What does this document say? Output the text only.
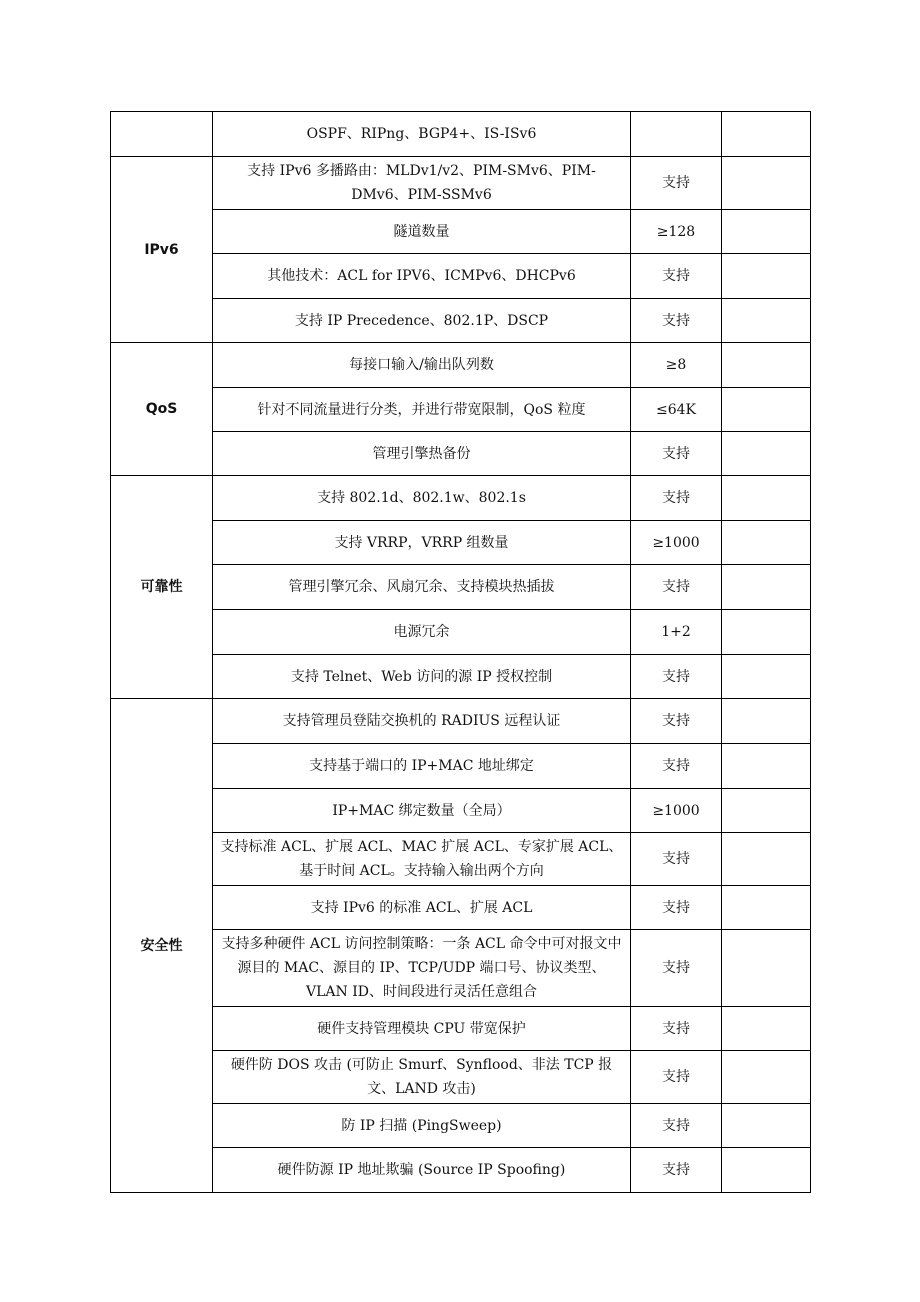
	OSPF、RIPng、BGP4+、IS-ISv6		
IPv6	支持 IPv6 多播路由：MLDv1/v2、PIM-SMv6、PIM-DMv6、PIM-SSMv6	支持	
	隧道数量	≥128	
	其他技术：ACL for IPV6、ICMPv6、DHCPv6	支持	
	支持 IP Precedence、802.1P、DSCP	支持	
QoS	每接口输入/输出队列数	≥8	
	针对不同流量进行分类，并进行带宽限制，QoS 粒度	≤64K	
	管理引擎热备份	支持	
可靠性	支持 802.1d、802.1w、802.1s	支持	
	支持 VRRP，VRRP 组数量	≥1000	
	管理引擎冗余、风扇冗余、支持模块热插拔	支持	
	电源冗余	1+2	
	支持 Telnet、Web 访问的源 IP 授权控制	支持	
安全性	支持管理员登陆交换机的 RADIUS 远程认证	支持	
	支持基于端口的 IP+MAC 地址绑定	支持	
	IP+MAC 绑定数量（全局）	≥1000	
	支持标准 ACL、扩展 ACL、MAC 扩展 ACL、专家扩展 ACL、基于时间 ACL。支持输入输出两个方向	支持	
	支持 IPv6 的标准 ACL、扩展 ACL	支持	
	支持多种硬件 ACL 访问控制策略：一条 ACL 命令中可对报文中源目的 MAC、源目的 IP、TCP/UDP 端口号、协议类型、VLAN ID、时间段进行灵活任意组合	支持	
	硬件支持管理模块 CPU 带宽保护	支持	
	硬件防 DOS 攻击 (可防止 Smurf、Synflood、非法 TCP 报文、LAND 攻击)	支持	
	防 IP 扫描 (PingSweep)	支持	
	硬件防源 IP 地址欺骗 (Source IP Spoofing)	支持	
